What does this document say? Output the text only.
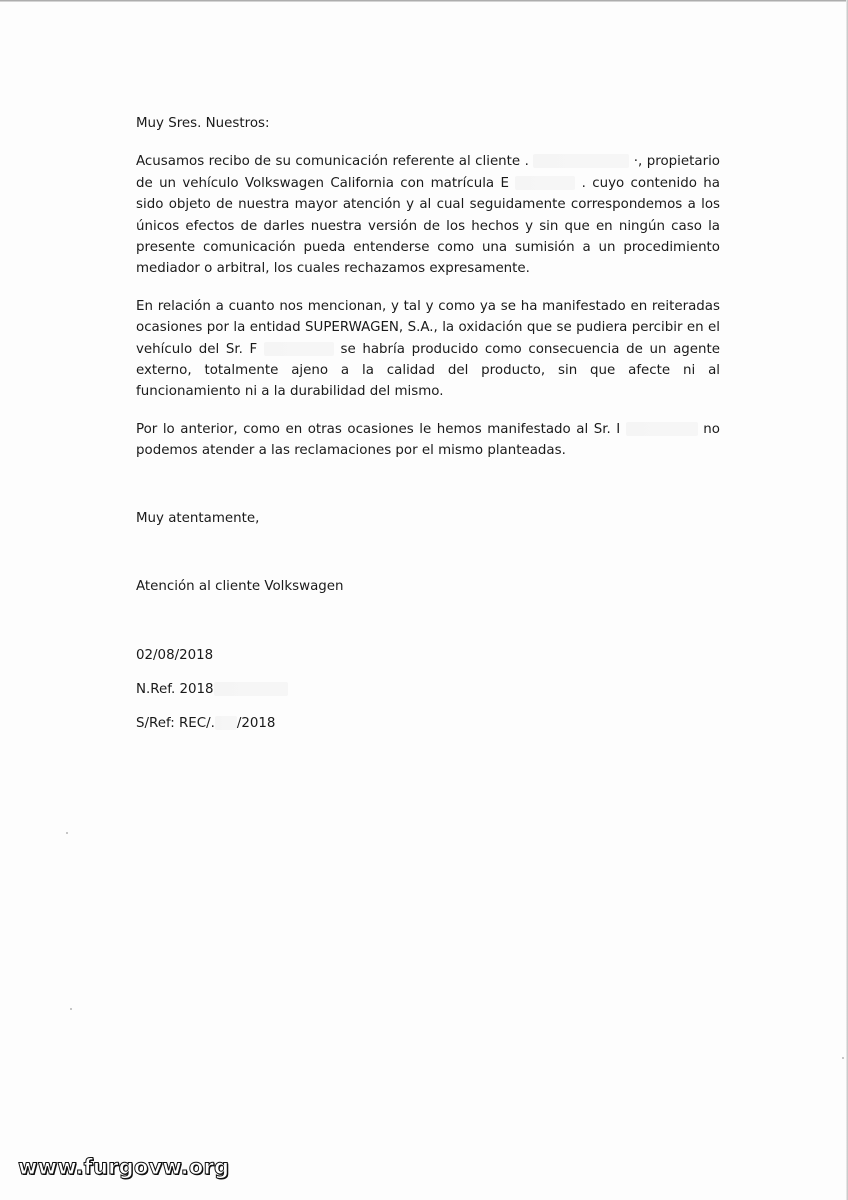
Muy Sres. Nuestros:

Acusamos recibo de su comunicación referente al cliente .	·, propietario de un vehículo Volkswagen California con matrícula E	. cuyo contenido ha sido objeto de nuestra mayor atención y al cual seguidamente correspondemos a los únicos efectos de darles nuestra versión de los hechos y sin que en ningún caso la presente comunicación pueda entenderse como una sumisión a un procedimiento mediador o arbitral, los cuales rechazamos expresamente.

En relación a cuanto nos mencionan, y tal y como ya se ha manifestado en reiteradas ocasiones por la entidad SUPERWAGEN, S.A., la oxidación que se pudiera percibir en el vehículo del Sr. F	se habría producido como consecuencia de un agente externo, totalmente ajeno a la calidad del producto, sin que afecte ni al funcionamiento ni a la durabilidad del mismo.

Por lo anterior, como en otras ocasiones le hemos manifestado al Sr. I	no podemos atender a las reclamaciones por el mismo planteadas.

Muy atentamente,

Atención al cliente Volkswagen

02/08/2018

N.Ref. 2018

S/Ref: REC/. /2018

www.furgovw.org
